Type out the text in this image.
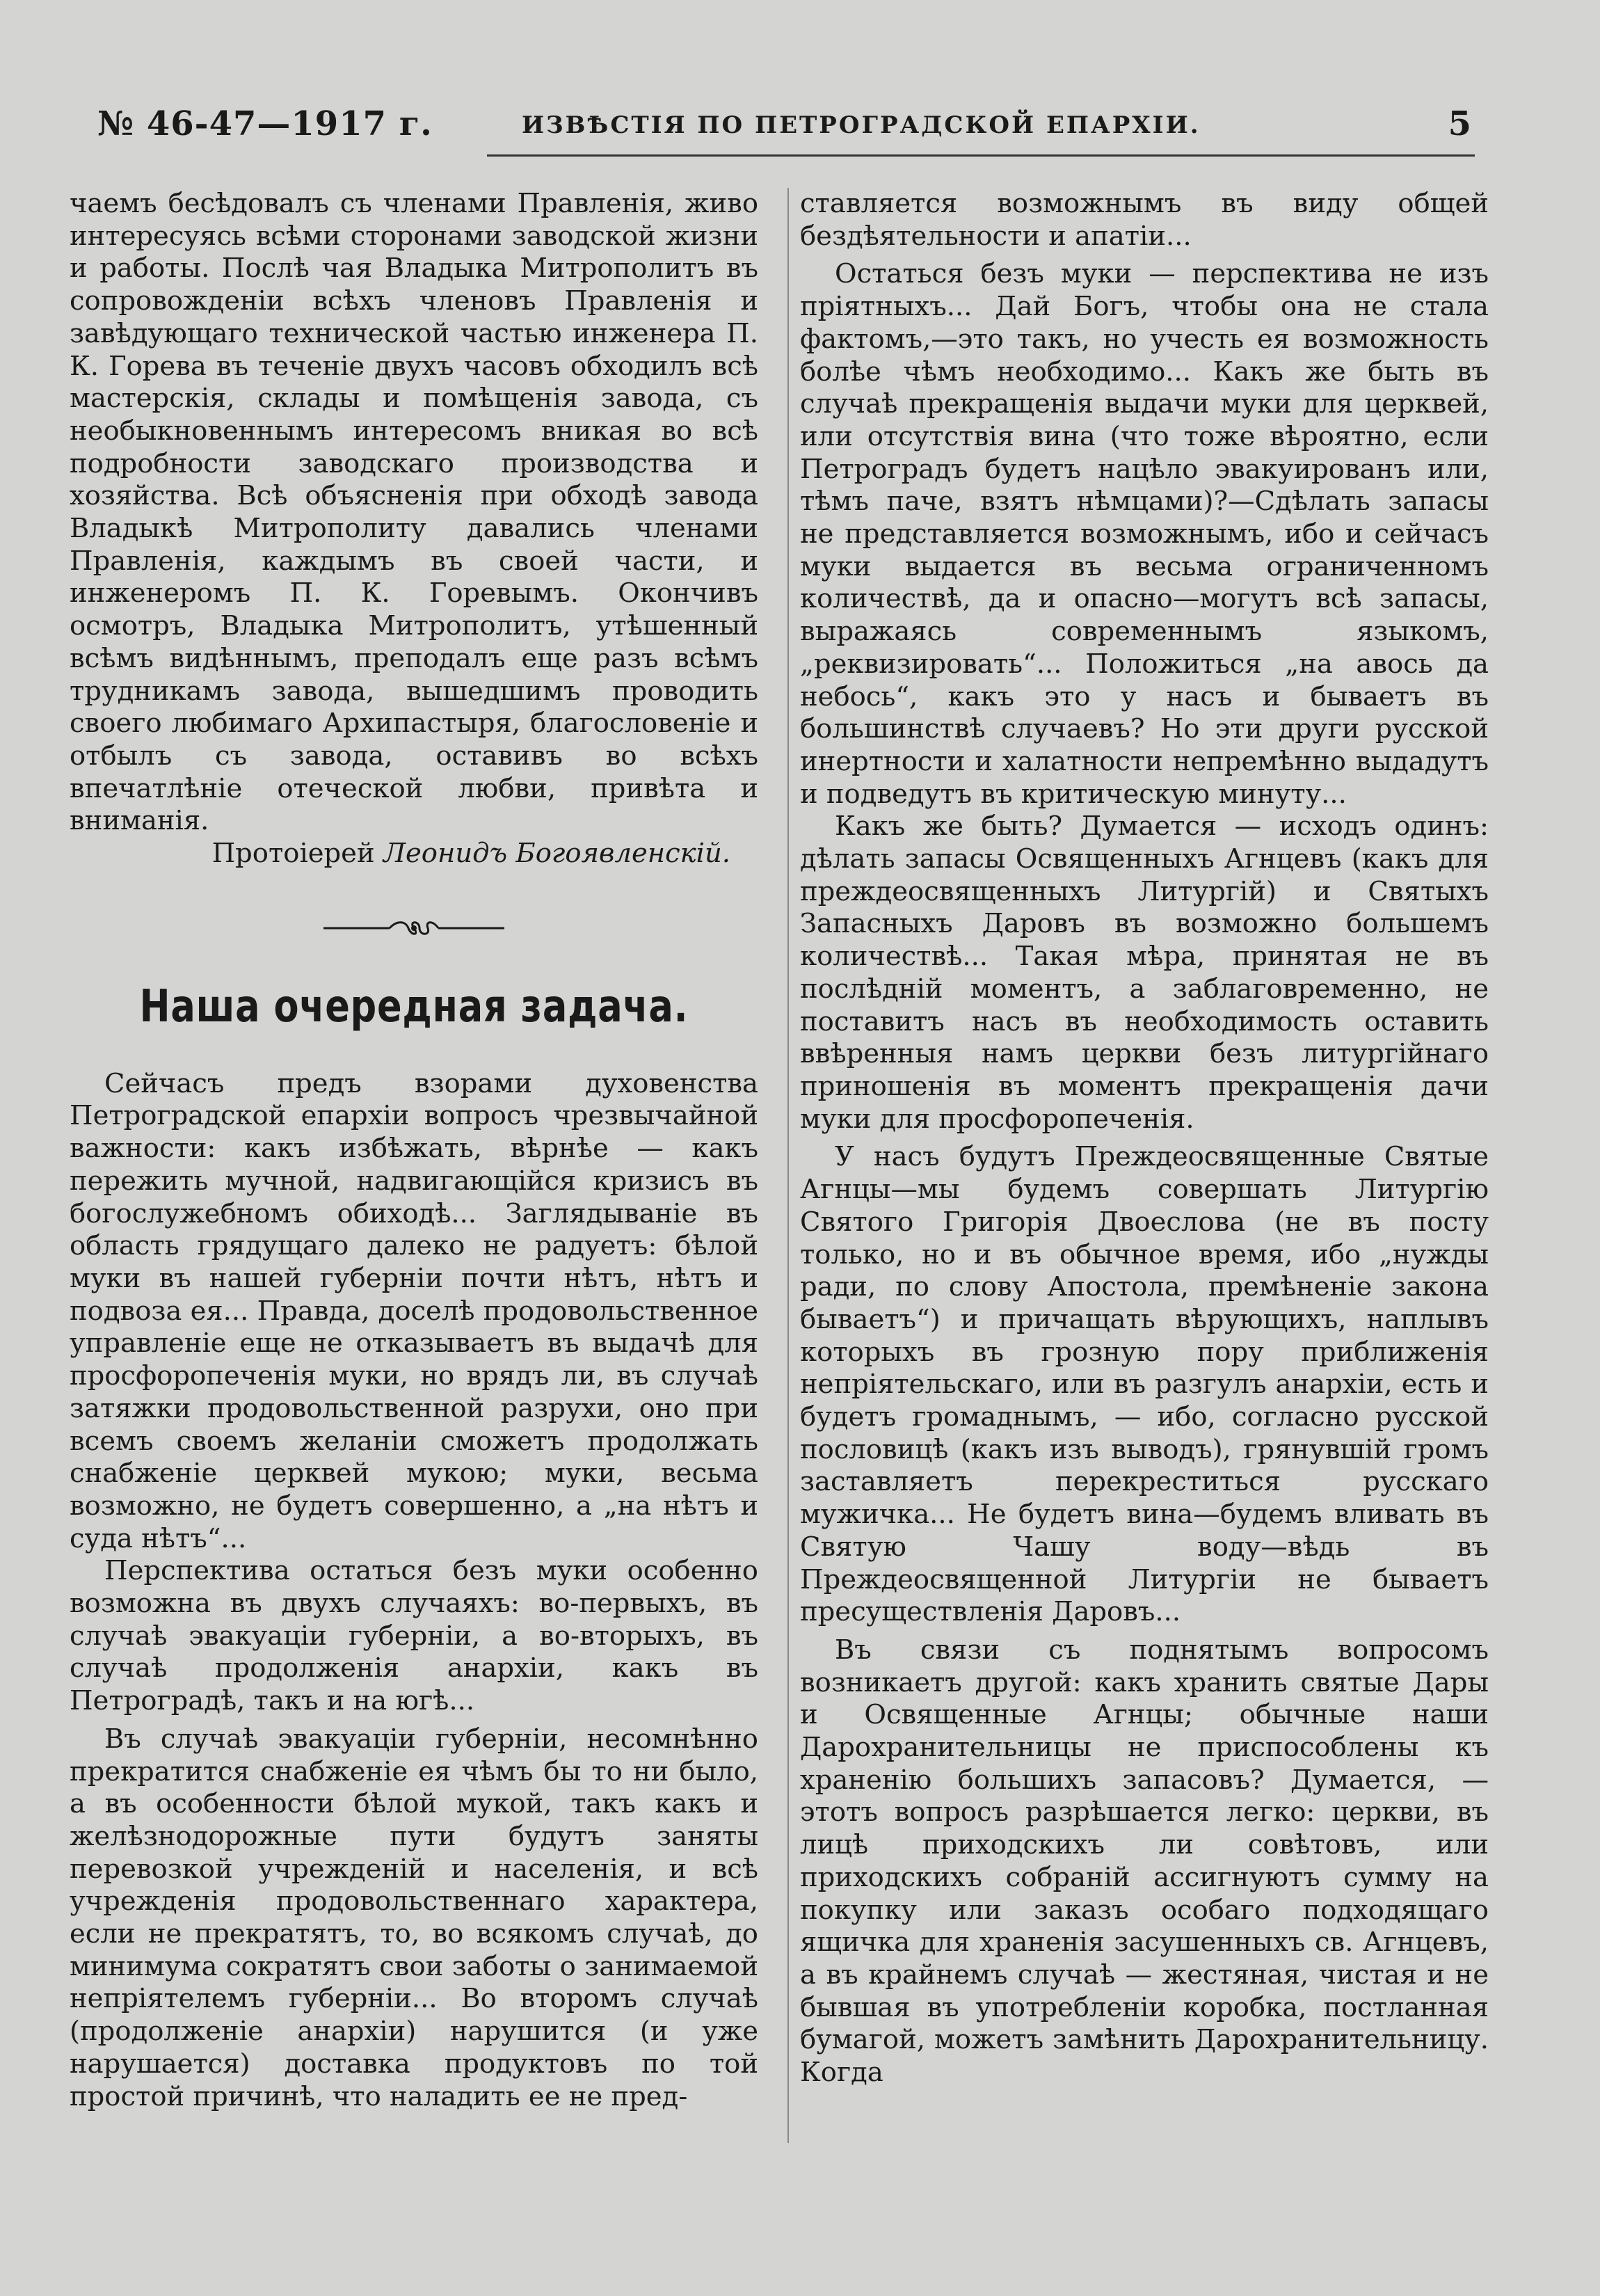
№ 46-47—1917 г.	ИЗВѢСТІЯ ПО ПЕТРОГРАДСКОЙ ЕПАРХІИ.	5

чаемъ бесѣдовалъ съ членами Правленія, живо интересуясь всѣми сторонами заводской жизни и работы. Послѣ чая Владыка Митрополитъ въ сопровожденіи всѣхъ членовъ Правленія и завѣдующаго технической частью инженера П. К. Горева въ теченіе двухъ часовъ обходилъ всѣ мастерскія, склады и помѣщенія завода, съ необыкновеннымъ интересомъ вникая во всѣ подробности заводскаго производства и хозяйства. Всѣ объясненія при обходѣ завода Владыкѣ Митрополиту давались членами Правленія, каждымъ въ своей части, и инженеромъ П. К. Горевымъ. Окончивъ осмотръ, Владыка Митрополитъ, утѣшенный всѣмъ видѣннымъ, преподалъ еще разъ всѣмъ трудникамъ завода, вышедшимъ проводить своего любимаго Архипастыря, благословеніе и отбылъ съ завода, оставивъ во всѣхъ впечатлѣніе отеческой любви, привѣта и вниманія.

Протоіерей Леонидъ Богоявленскій.

Наша очередная задача.

Сейчасъ предъ взорами духовенства Петроградской епархіи вопросъ чрезвычайной важности: какъ избѣжать, вѣрнѣе — какъ пережить мучной, надвигающійся кризисъ въ богослужебномъ обиходѣ... Заглядываніе въ область грядущаго далеко не радуетъ: бѣлой муки въ нашей губерніи почти нѣтъ, нѣтъ и подвоза ея... Правда, доселѣ продовольственное управленіе еще не отказываетъ въ выдачѣ для просфоропеченія муки, но врядъ ли, въ случаѣ затяжки продовольственной разрухи, оно при всемъ своемъ желаніи сможетъ продолжать снабженіе церквей мукою; муки, весьма возможно, не будетъ совершенно, а „на нѣтъ и суда нѣтъ“...

Перспектива остаться безъ муки особенно возможна въ двухъ случаяхъ: во-первыхъ, въ случаѣ эвакуаціи губерніи, а во-вторыхъ, въ случаѣ продолженія анархіи, какъ въ Петроградѣ, такъ и на югѣ...

Въ случаѣ эвакуаціи губерніи, несомнѣнно прекратится снабженіе ея чѣмъ бы то ни было, а въ особенности бѣлой мукой, такъ какъ и желѣзнодорожные пути будутъ заняты перевозкой учрежденій и населенія, и всѣ учрежденія продовольственнаго характера, если не прекратятъ, то, во всякомъ случаѣ, до минимума сократятъ свои заботы о занимаемой непріятелемъ губерніи... Во второмъ случаѣ (продолженіе анархіи) нарушится (и уже нарушается) доставка продуктовъ по той простой причинѣ, что наладить ее не пред-

ставляется возможнымъ въ виду общей бездѣятельности и апатіи...

Остаться безъ муки — перспектива не изъ пріятныхъ... Дай Богъ, чтобы она не стала фактомъ,—это такъ, но учесть ея возможность болѣе чѣмъ необходимо... Какъ же быть въ случаѣ прекращенія выдачи муки для церквей, или отсутствія вина (что тоже вѣроятно, если Петроградъ будетъ нацѣло эвакуированъ или, тѣмъ паче, взятъ нѣмцами)?—Сдѣлать запасы не представляется возможнымъ, ибо и сейчасъ муки выдается въ весьма ограниченномъ количествѣ, да и опасно—могутъ всѣ запасы, выражаясь современнымъ языкомъ, „реквизировать“... Положиться „на авось да небось“, какъ это у насъ и бываетъ въ большинствѣ случаевъ? Но эти други русской инертности и халатности непремѣнно выдадутъ и подведутъ въ критическую минуту...

Какъ же быть? Думается — исходъ одинъ: дѣлать запасы Освященныхъ Агнцевъ (какъ для преждеосвященныхъ Литургій) и Святыхъ Запасныхъ Даровъ въ возможно большемъ количествѣ... Такая мѣра, принятая не въ послѣдній моментъ, а заблаговременно, не поставитъ насъ въ необходимость оставить ввѣренныя намъ церкви безъ литургійнаго приношенія въ моментъ прекращенія дачи муки для просфоропеченія.

У насъ будутъ Преждеосвященные Святые Агнцы—мы будемъ совершать Литургію Святого Григорія Двоеслова (не въ посту только, но и въ обычное время, ибо „нужды ради, по слову Апостола, премѣненіе закона бываетъ“) и причащать вѣрующихъ, наплывъ которыхъ въ грозную пору приближенія непріятельскаго, или въ разгулъ анархіи, есть и будетъ громаднымъ, — ибо, согласно русской пословицѣ (какъ изъ выводъ), грянувшій громъ заставляетъ перекреститься русскаго мужичка... Не будетъ вина—будемъ вливать въ Святую Чашу воду—вѣдь въ Преждеосвященной Литургіи не бываетъ пресуществленія Даровъ...

Въ связи съ поднятымъ вопросомъ возникаетъ другой: какъ хранить святые Дары и Освященные Агнцы; обычные наши Дарохранительницы не приспособлены къ храненію большихъ запасовъ? Думается, — этотъ вопросъ разрѣшается легко: церкви, въ лицѣ приходскихъ ли совѣтовъ, или приходскихъ собраній ассигнуютъ сумму на покупку или заказъ особаго подходящаго ящичка для храненія засушенныхъ св. Агнцевъ, а въ крайнемъ случаѣ — жестяная, чистая и не бывшая въ употребленіи коробка, постланная бумагой, можетъ замѣнить Дарохранительницу. Когда
